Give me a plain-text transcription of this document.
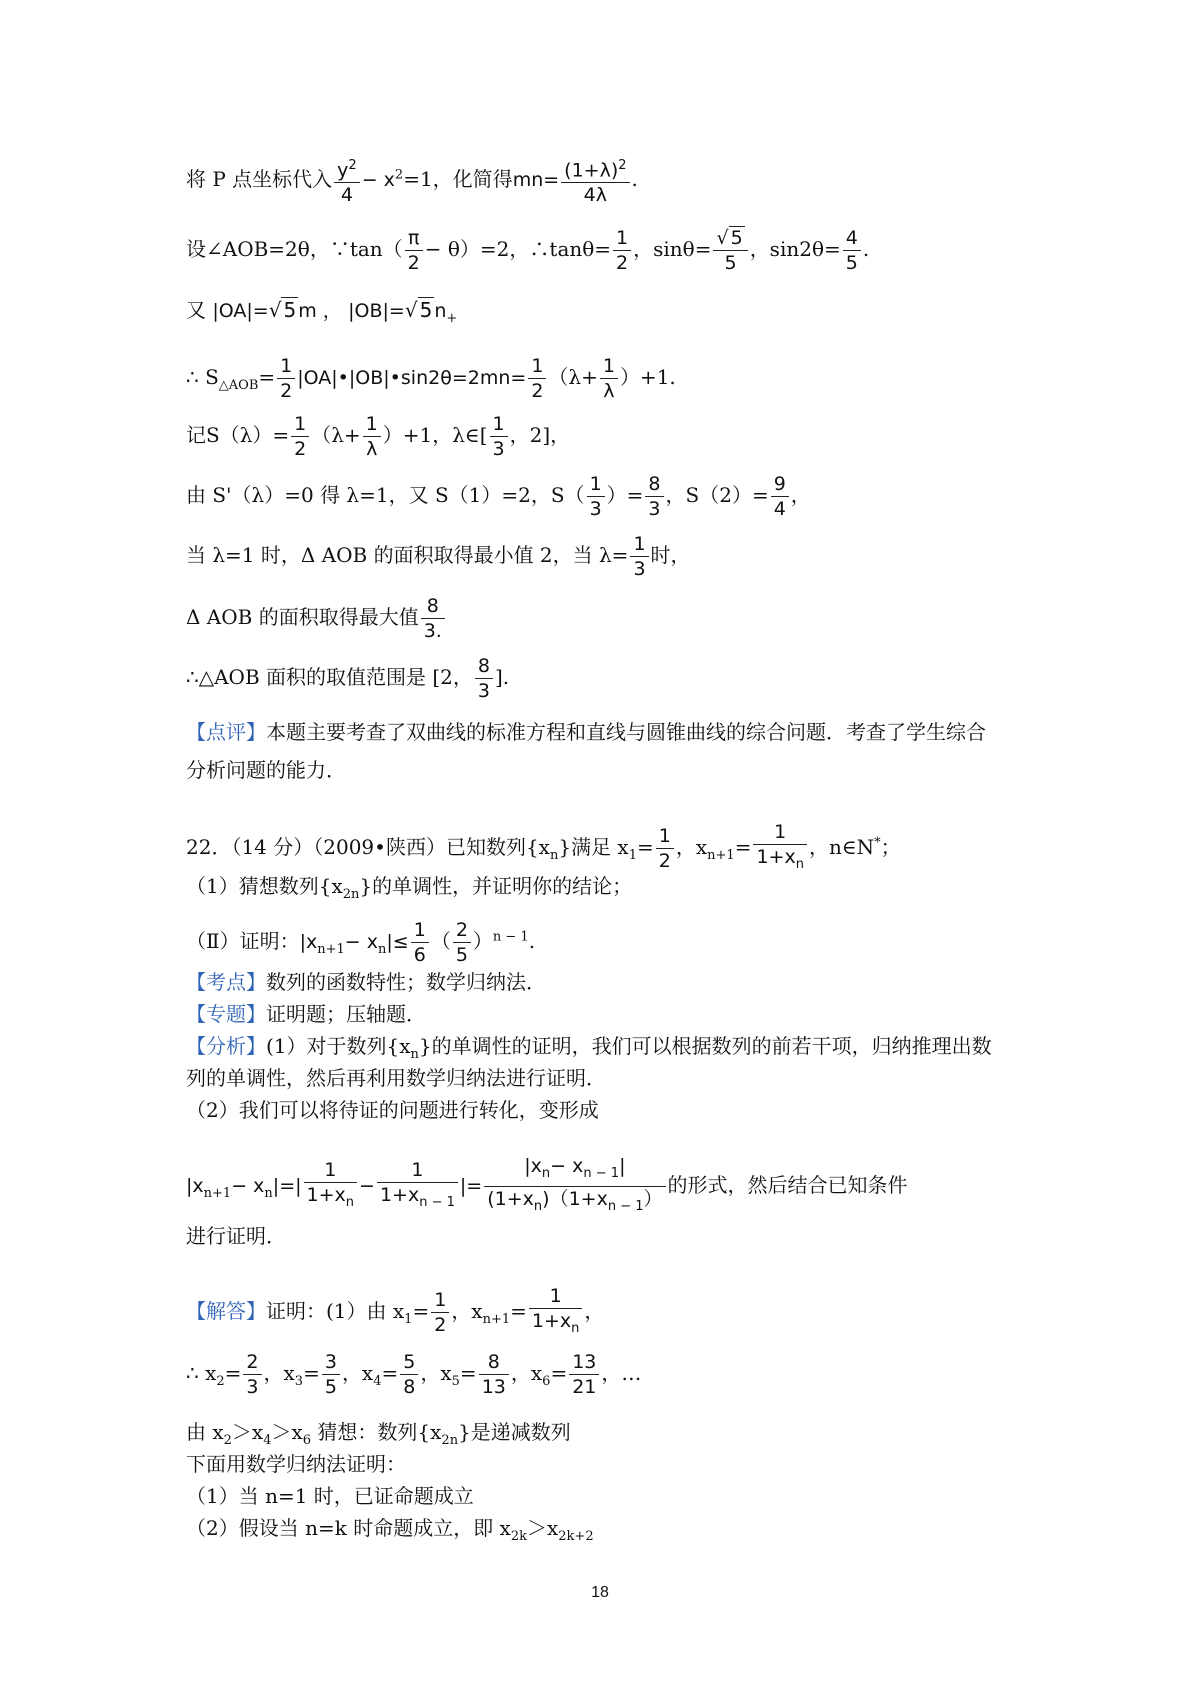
将 P 点坐标代入 $\frac{y^2}{4} - x^2=1$，化简得$mn= \frac{(1+\lambda)^2}{4\lambda}$ .
设∠AOB=2θ，∵tan（ $\frac{\pi}{2} - \theta)=2$，∴tanθ= $\frac{1}{2}$ ，$\sin\theta= \frac{√ 5}{5}$ ，$\sin 2\theta= \frac{4}{5}$ .
又 |OA|=√ 5 m ， |OB|=√ 5 $n_+$
∴ $S_{\triangle AOB}= \frac{1}{2}$ |OA|•|OB|•sin2θ=2mn= $\frac{1}{2} (\lambda+ \frac{1}{\lambda} )+1$.
记$S(\lambda)= \frac{1}{2} (\lambda+ \frac{1}{\lambda} )+1$，λ∈[ $\frac{1}{3}$ ，2]，
由 S'（λ）=0 得 λ=1，又 S（1）=2，$S( \frac{1}{3}$ ）= $\frac{8}{3}$ ，$S(2)= \frac{9}{4}$ ，
当 λ=1 时，Δ AOB 的面积取得最小值 2，当 $\lambda= \frac{1}{3}$ 时，
Δ AOB 的面积取得最大值 $\frac{8}{3.}$
∴△AOB 面积的取值范围是 [2， $\frac{8}{3}$ ].
【点评】本题主要考查了双曲线的标准方程和直线与圆锥曲线的综合问题．考查了学生综合
分析问题的能力．
22．（14 分）（2009•陕西）已知数列$\{x_n\}$满足 $x_1= \frac{1}{2}$ ，$x_{n+1}= \frac{1}{1+x_n}$ ，n∈N*；
（1）猜想数列$\{x_{2n}\}$的单调性，并证明你的结论；
（Ⅱ）证明：$|x_{n+1}- x_n|\le \frac{1}{6}$ （ $\frac{2}{5} )^{n - 1}$.
【考点】数列的函数特性；数学归纳法．
【专题】证明题；压轴题．
【分析】(1）对于数列$\{x_n\}$的单调性的证明，我们可以根据数列的前若干项，归纳推理出数
列的单调性，然后再利用数学归纳法进行证明．
（2）我们可以将待证的问题进行转化，变形成
$|x_{n+1}- x_n|=| \frac{1}{1+x_n} - \frac{1}{1+x_{n - 1}}$ |= $\frac{|x_n- x_{n - 1}|}{(1+x_n)(1+x_{n - 1})}$ 的形式，然后结合已知条件
进行证明．
【解答】证明：(1）由 $x_1= \frac{1}{2}$ ，$x_{n+1}= \frac{1}{1+x_n}$ ，
∴ $x_2= \frac{2}{3}$ ，$x_3= \frac{3}{5}$ ，$x_4= \frac{5}{8}$ ，$x_5= \frac{8}{13}$ ，$x_6= \frac{13}{21}$ ，…
由 $x_2>x_4>x_6$ 猜想：数列$\{x_{2n}\}$是递减数列
下面用数学归纳法证明：
（1）当 n=1 时，已证命题成立
（2）假设当 n=k 时命题成立，即 $x_{2k}>x_{2k+2}$
18
